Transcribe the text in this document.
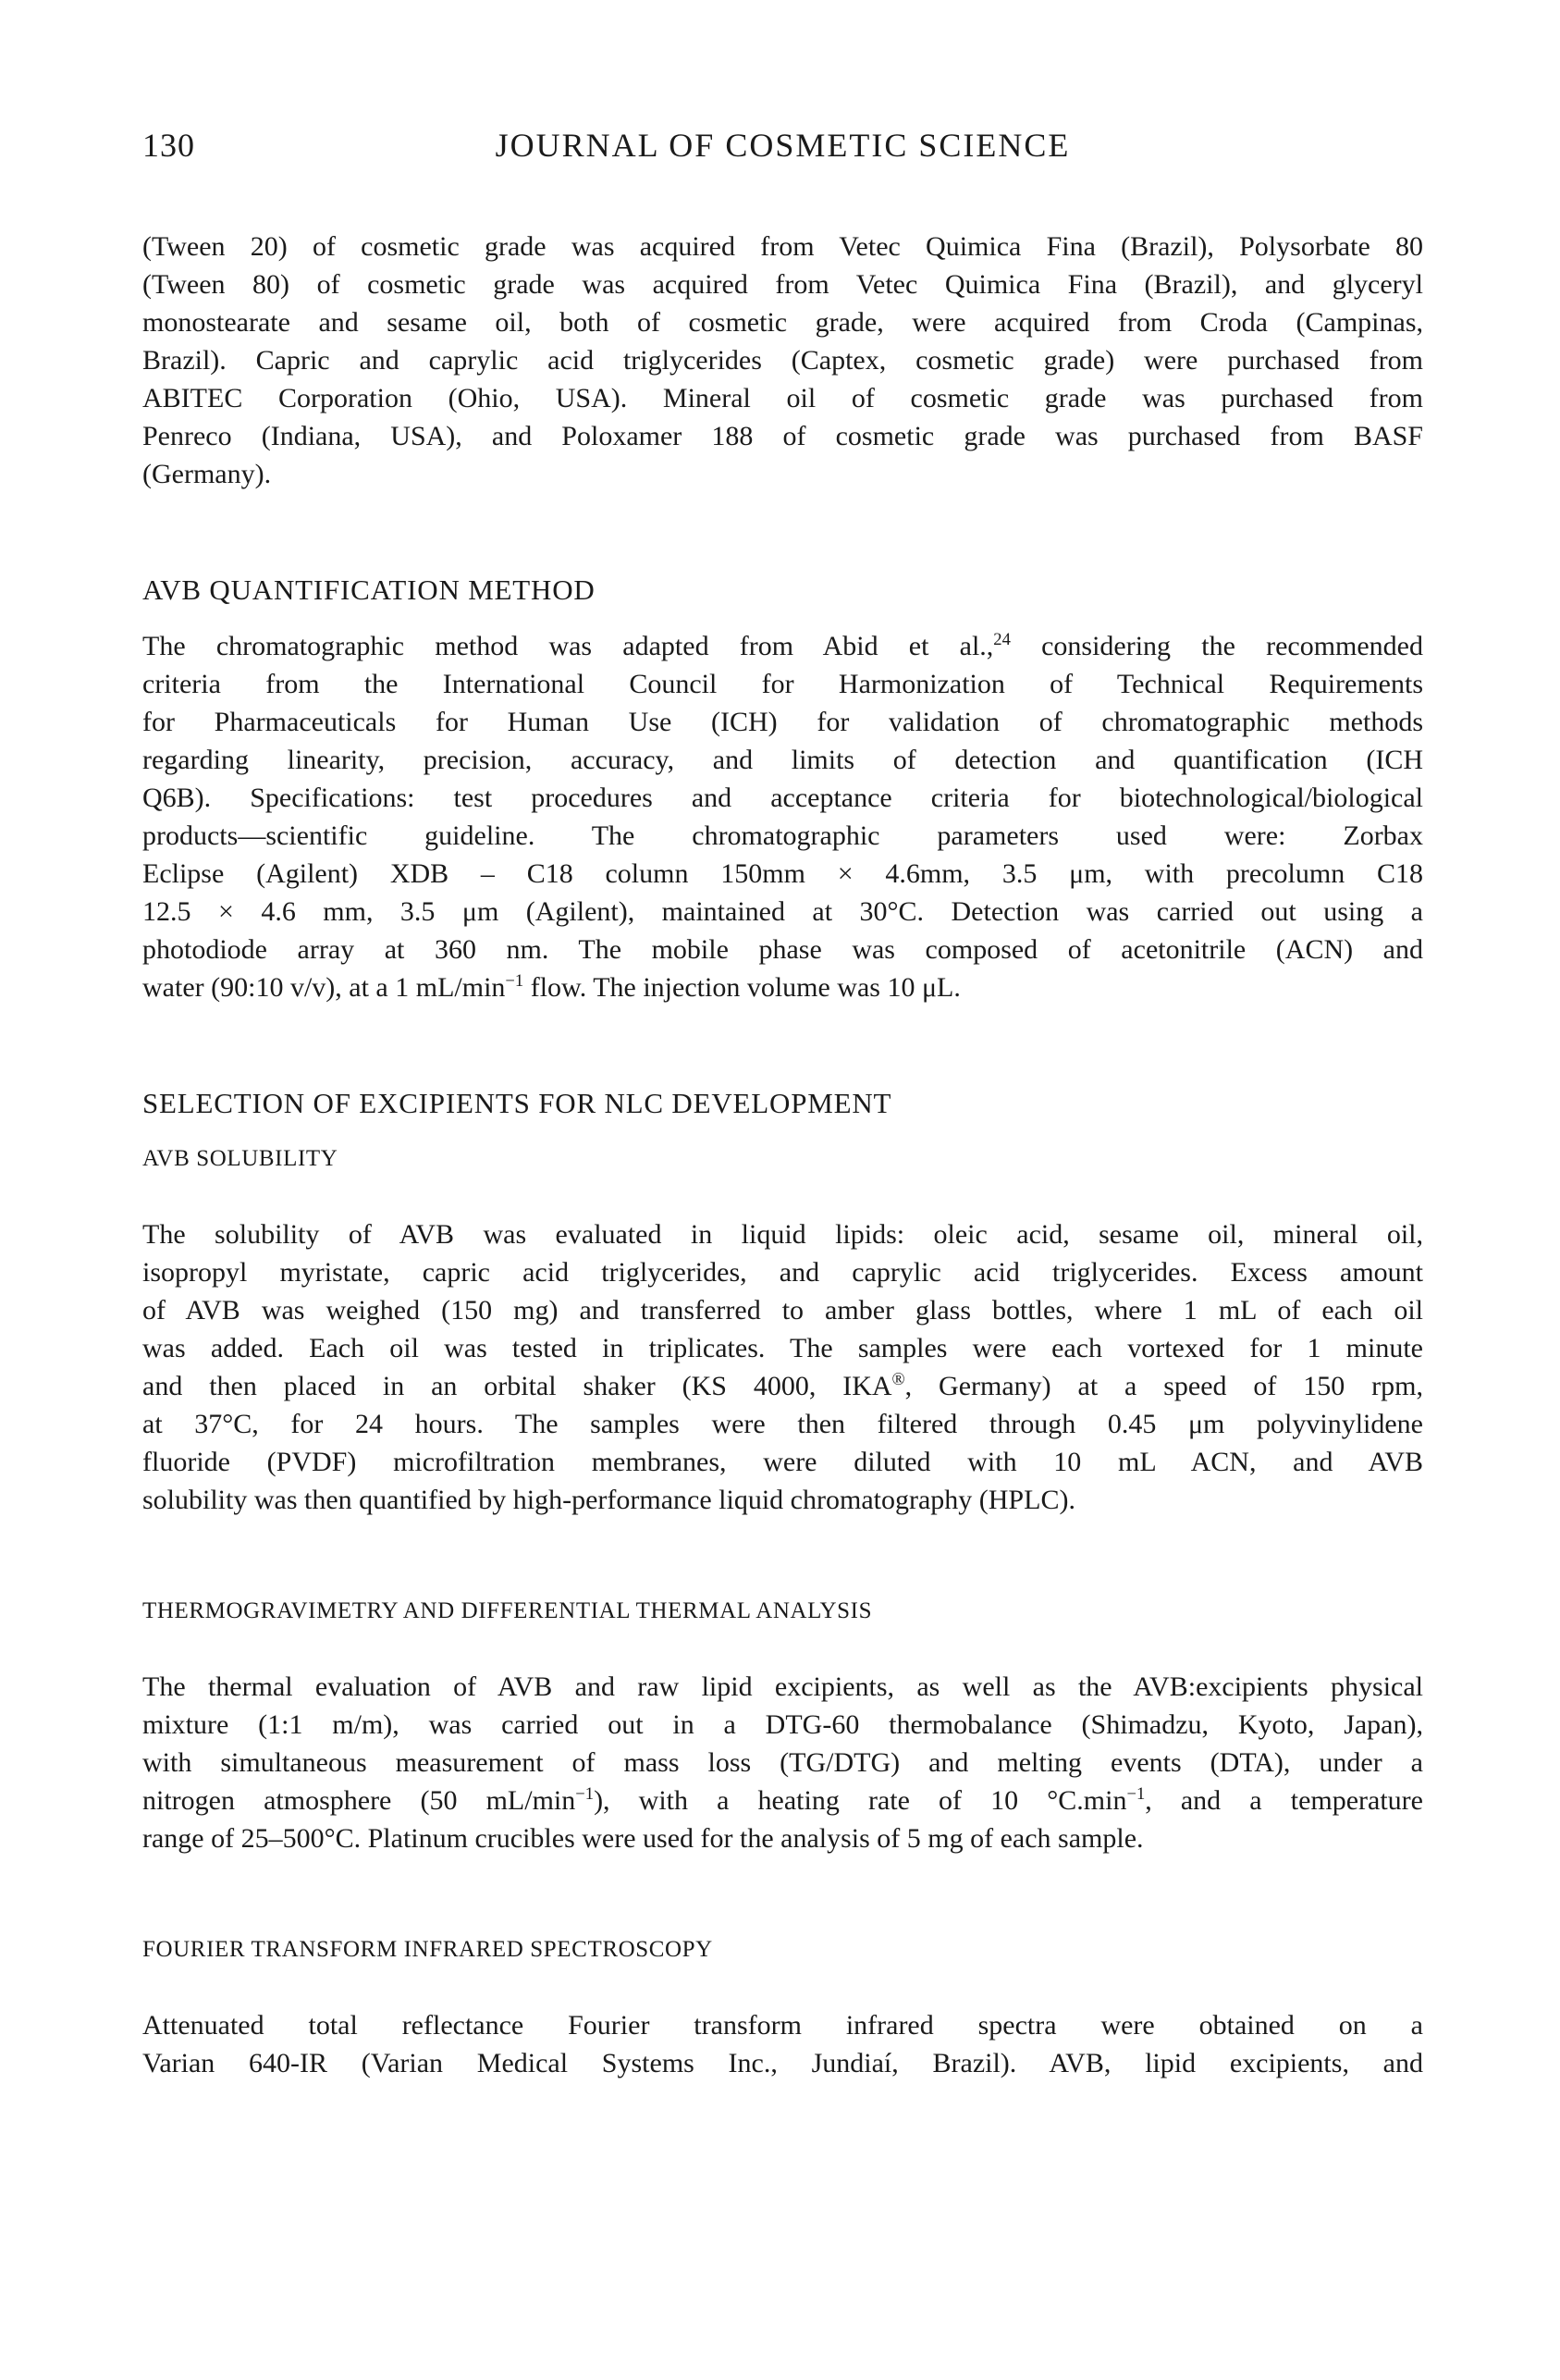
130	JOURNAL OF COSMETIC SCIENCE
(Tween 20) of cosmetic grade was acquired from Vetec Quimica Fina (Brazil), Polysorbate 80
(Tween 80) of cosmetic grade was acquired from Vetec Quimica Fina (Brazil), and glyceryl
monostearate and sesame oil, both of cosmetic grade, were acquired from Croda (Campinas,
Brazil). Capric and caprylic acid triglycerides (Captex, cosmetic grade) were purchased from
ABITEC Corporation (Ohio, USA). Mineral oil of cosmetic grade was purchased from
Penreco (Indiana, USA), and Poloxamer 188 of cosmetic grade was purchased from BASF
(Germany).
AVB QUANTIFICATION METHOD
The chromatographic method was adapted from Abid et al.,$^{24}$ considering the recommended
criteria from the International Council for Harmonization of Technical Requirements
for Pharmaceuticals for Human Use (ICH) for validation of chromatographic methods
regarding linearity, precision, accuracy, and limits of detection and quantification (ICH
Q6B). Specifications: test procedures and acceptance criteria for biotechnological/biological
products—scientific guideline. The chromatographic parameters used were: Zorbax
Eclipse (Agilent) XDB – C18 column 150mm × 4.6mm, 3.5 μm, with precolumn C18
12.5 × 4.6 mm, 3.5 μm (Agilent), maintained at 30°C. Detection was carried out using a
photodiode array at 360 nm. The mobile phase was composed of acetonitrile (ACN) and
water (90:10 v/v), at a 1 $mL/\min^{-1}$ flow. The injection volume was 10 μL.
SELECTION OF EXCIPIENTS FOR NLC DEVELOPMENT
AVB SOLUBILITY
The solubility of AVB was evaluated in liquid lipids: oleic acid, sesame oil, mineral oil,
isopropyl myristate, capric acid triglycerides, and caprylic acid triglycerides. Excess amount
of AVB was weighed (150 mg) and transferred to amber glass bottles, where 1 mL of each oil
was added. Each oil was tested in triplicates. The samples were each vortexed for 1 minute
and then placed in an orbital shaker (KS 4000, IKA®, Germany) at a speed of 150 rpm,
at 37°C, for 24 hours. The samples were then filtered through 0.45 μm polyvinylidene
fluoride (PVDF) microfiltration membranes, were diluted with 10 mL ACN, and AVB
solubility was then quantified by high-performance liquid chromatography (HPLC).
THERMOGRAVIMETRY AND DIFFERENTIAL THERMAL ANALYSIS
The thermal evaluation of AVB and raw lipid excipients, as well as the AVB:excipients physical
mixture (1:1 m/m), was carried out in a DTG-60 thermobalance (Shimadzu, Kyoto, Japan),
with simultaneous measurement of mass loss (TG/DTG) and melting events (DTA), under a
nitrogen atmosphere (50 $mL/\min^{-1}$), with a heating rate of 10 $^\circ C.\min^{-1}$, and a temperature
range of 25–500°C. Platinum crucibles were used for the analysis of 5 mg of each sample.
FOURIER TRANSFORM INFRARED SPECTROSCOPY
Attenuated total reflectance Fourier transform infrared spectra were obtained on a
Varian 640-IR (Varian Medical Systems Inc., Jundiaí, Brazil). AVB, lipid excipients, and
